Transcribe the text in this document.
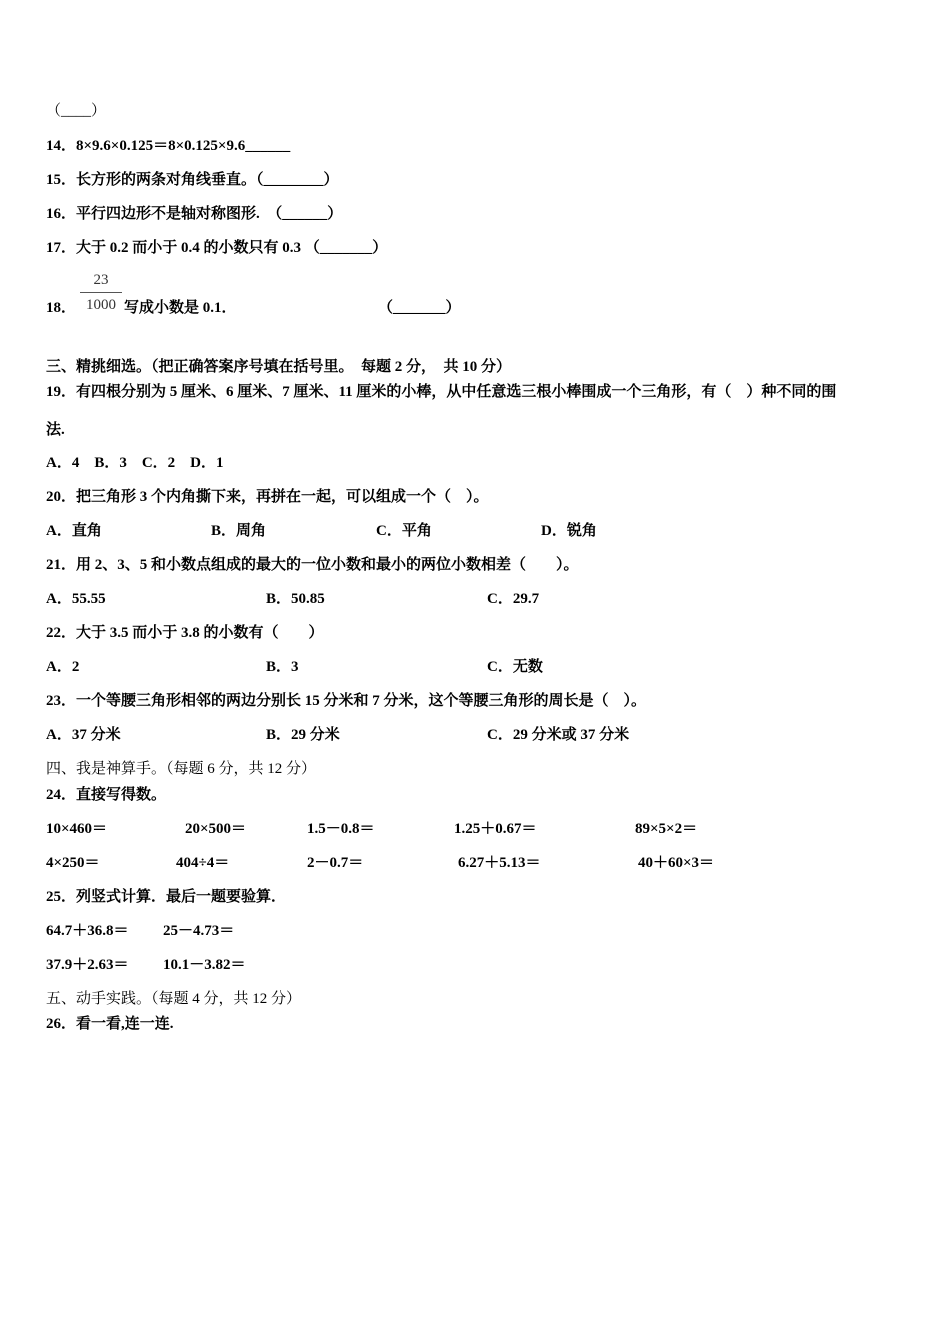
（____）
14．8×9.6×0.125＝8×0.125×9.6______
15．长方形的两条对角线垂直。（________）
16．平行四边形不是轴对称图形.　（______）
17．大于 0.2 而小于 0.4 的小数只有 0.3 （_______）
18．
23
1000 写成小数是 0.1．	（_______）
三、精挑细选。（把正确答案序号填在括号里。　每题 2 分，　共 10 分）
19．有四根分别为 5 厘米、6 厘米、7 厘米、11 厘米的小棒，从中任意选三根小棒围成一个三角形，有（　）种不同的围
法.
A．4　B．3　C．2　D．1
20．把三角形 3 个内角撕下来，再拼在一起，可以组成一个（　）。
A．直角	B．周角	C．平角	D．锐角
21．用 2、3、5 和小数点组成的最大的一位小数和最小的两位小数相差（　　）。
A．55.55	B．50.85	C．29.7
22．大于 3.5 而小于 3.8 的小数有（　　）
A．2	B．3	C．无数
23．一个等腰三角形相邻的两边分别长 15 分米和 7 分米，这个等腰三角形的周长是（　）。
A．37 分米	B．29 分米	C．29 分米或 37 分米
四、我是神算手。（每题 6 分，共 12 分）
24．直接写得数。
10×460＝	20×500＝	1.5－0.8＝	1.25＋0.67＝	89×5×2＝
4×250＝	404÷4＝	2－0.7＝	6.27＋5.13＝	40＋60×3＝
25．列竖式计算．最后一题要验算．
64.7＋36.8＝ 25－4.73＝
37.9＋2.63＝ 10.1－3.82＝
五、动手实践。（每题 4 分，共 12 分）
26．看一看,连一连.
